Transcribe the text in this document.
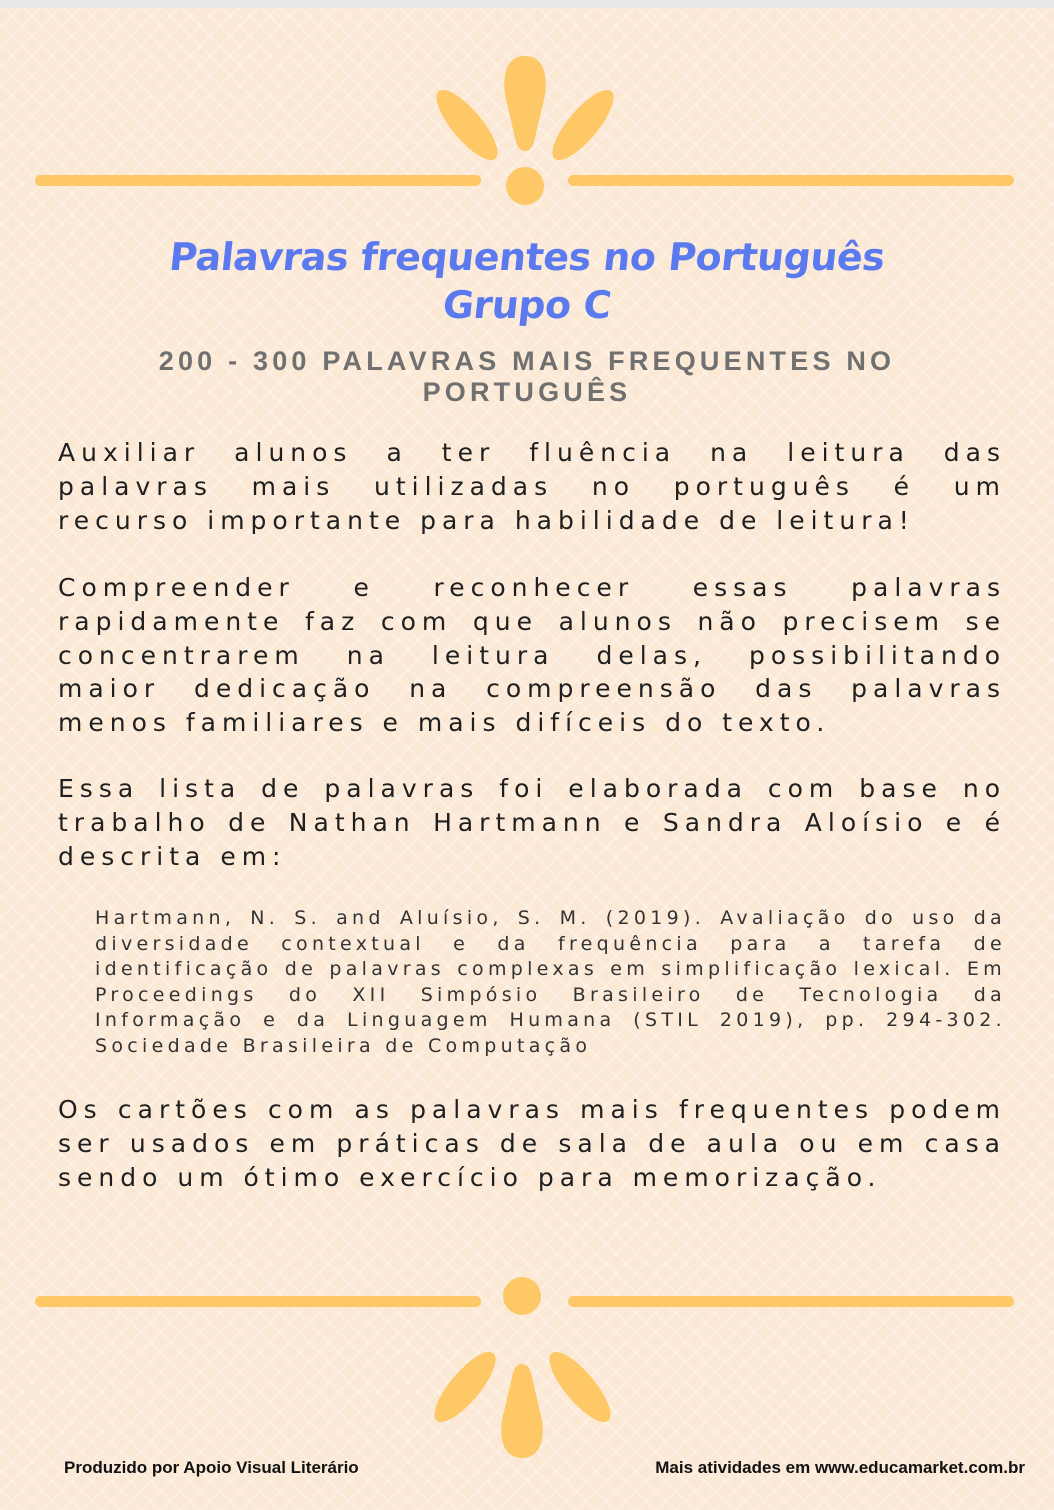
Palavras frequentes no Português
Grupo C
200 - 300 PALAVRAS MAIS FREQUENTES NO PORTUGUÊS

Auxiliar alunos a ter fluência na leitura das palavras mais utilizadas no português é um recurso importante para habilidade de leitura!

Compreender e reconhecer essas palavras rapidamente faz com que alunos não precisem se concentrarem na leitura delas, possibilitando maior dedicação na compreensão das palavras menos familiares e mais difíceis do texto.

Essa lista de palavras foi elaborada com base no trabalho de Nathan Hartmann e Sandra Aloísio e é descrita em:

Hartmann, N. S. and Aluísio, S. M. (2019). Avaliação do uso da diversidade contextual e da frequência para a tarefa de identificação de palavras complexas em simplificação lexical. Em Proceedings do XII Simpósio Brasileiro de Tecnologia da Informação e da Linguagem Humana (STIL 2019), pp. 294-302. Sociedade Brasileira de Computação

Os cartões com as palavras mais frequentes podem ser usados em práticas de sala de aula ou em casa sendo um ótimo exercício para memorização.

Produzido por Apoio Visual Literário	Mais atividades em www.educamarket.com.br
